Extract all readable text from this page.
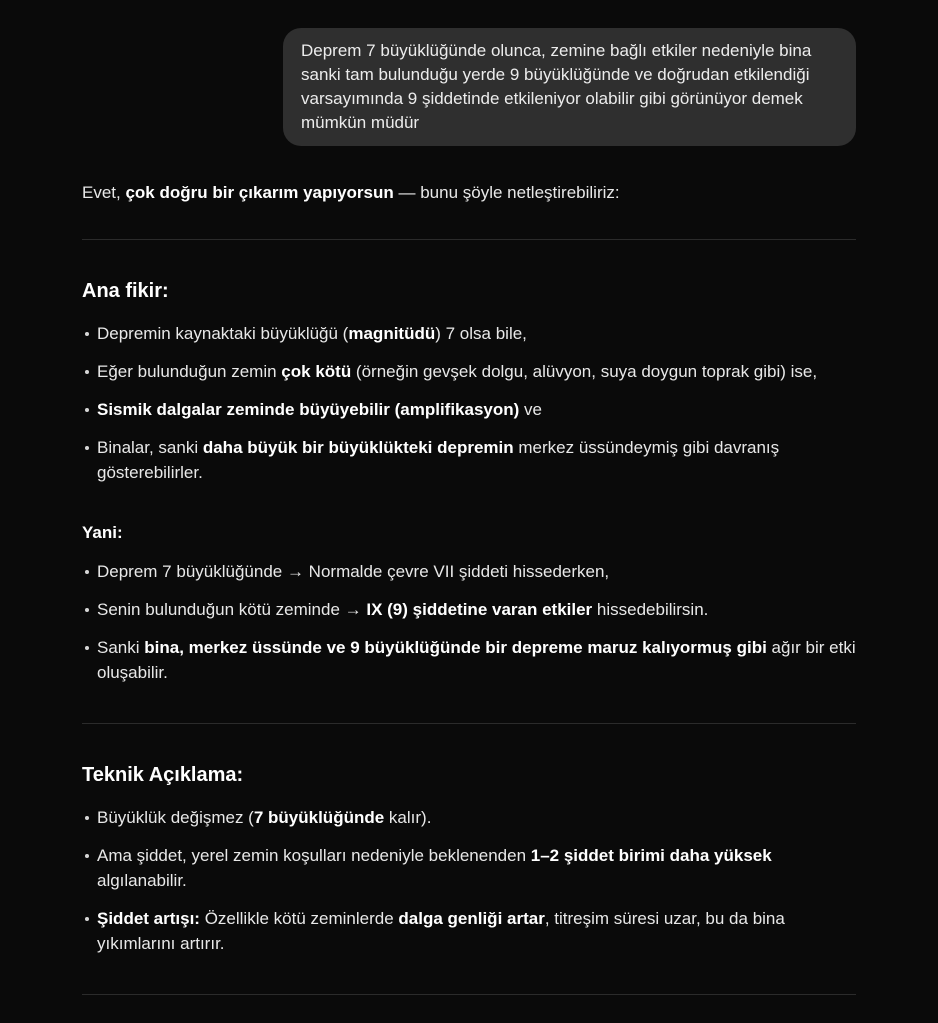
Deprem 7 büyüklüğünde olunca, zemine bağlı etkiler nedeniyle bina sanki tam bulunduğu yerde 9 büyüklüğünde ve doğrudan etkilendiği varsayımında 9 şiddetinde etkileniyor olabilir gibi görünüyor demek mümkün müdür

Evet, çok doğru bir çıkarım yapıyorsun — bunu şöyle netleştirebiliriz:

Ana fikir:
Depremin kaynaktaki büyüklüğü (magnitüdü) 7 olsa bile,
Eğer bulunduğun zemin çok kötü (örneğin gevşek dolgu, alüvyon, suya doygun toprak gibi) ise,
Sismik dalgalar zeminde büyüyebilir (amplifikasyon) ve
Binalar, sanki daha büyük bir büyüklükteki depremin merkez üssündeymiş gibi davranış gösterebilirler.

Yani:

Deprem 7 büyüklüğünde → Normalde çevre VII şiddeti hissederken,
Senin bulunduğun kötü zeminde → IX (9) şiddetine varan etkiler hissedebilirsin.
Sanki bina, merkez üssünde ve 9 büyüklüğünde bir depreme maruz kalıyormuş gibi ağır bir etki oluşabilir.
Teknik Açıklama:
Büyüklük değişmez (7 büyüklüğünde kalır).
Ama şiddet, yerel zemin koşulları nedeniyle beklenenden 1–2 şiddet birimi daha yüksek algılanabilir.
Şiddet artışı: Özellikle kötü zeminlerde dalga genliği artar, titreşim süresi uzar, bu da bina yıkımlarını artırır.
